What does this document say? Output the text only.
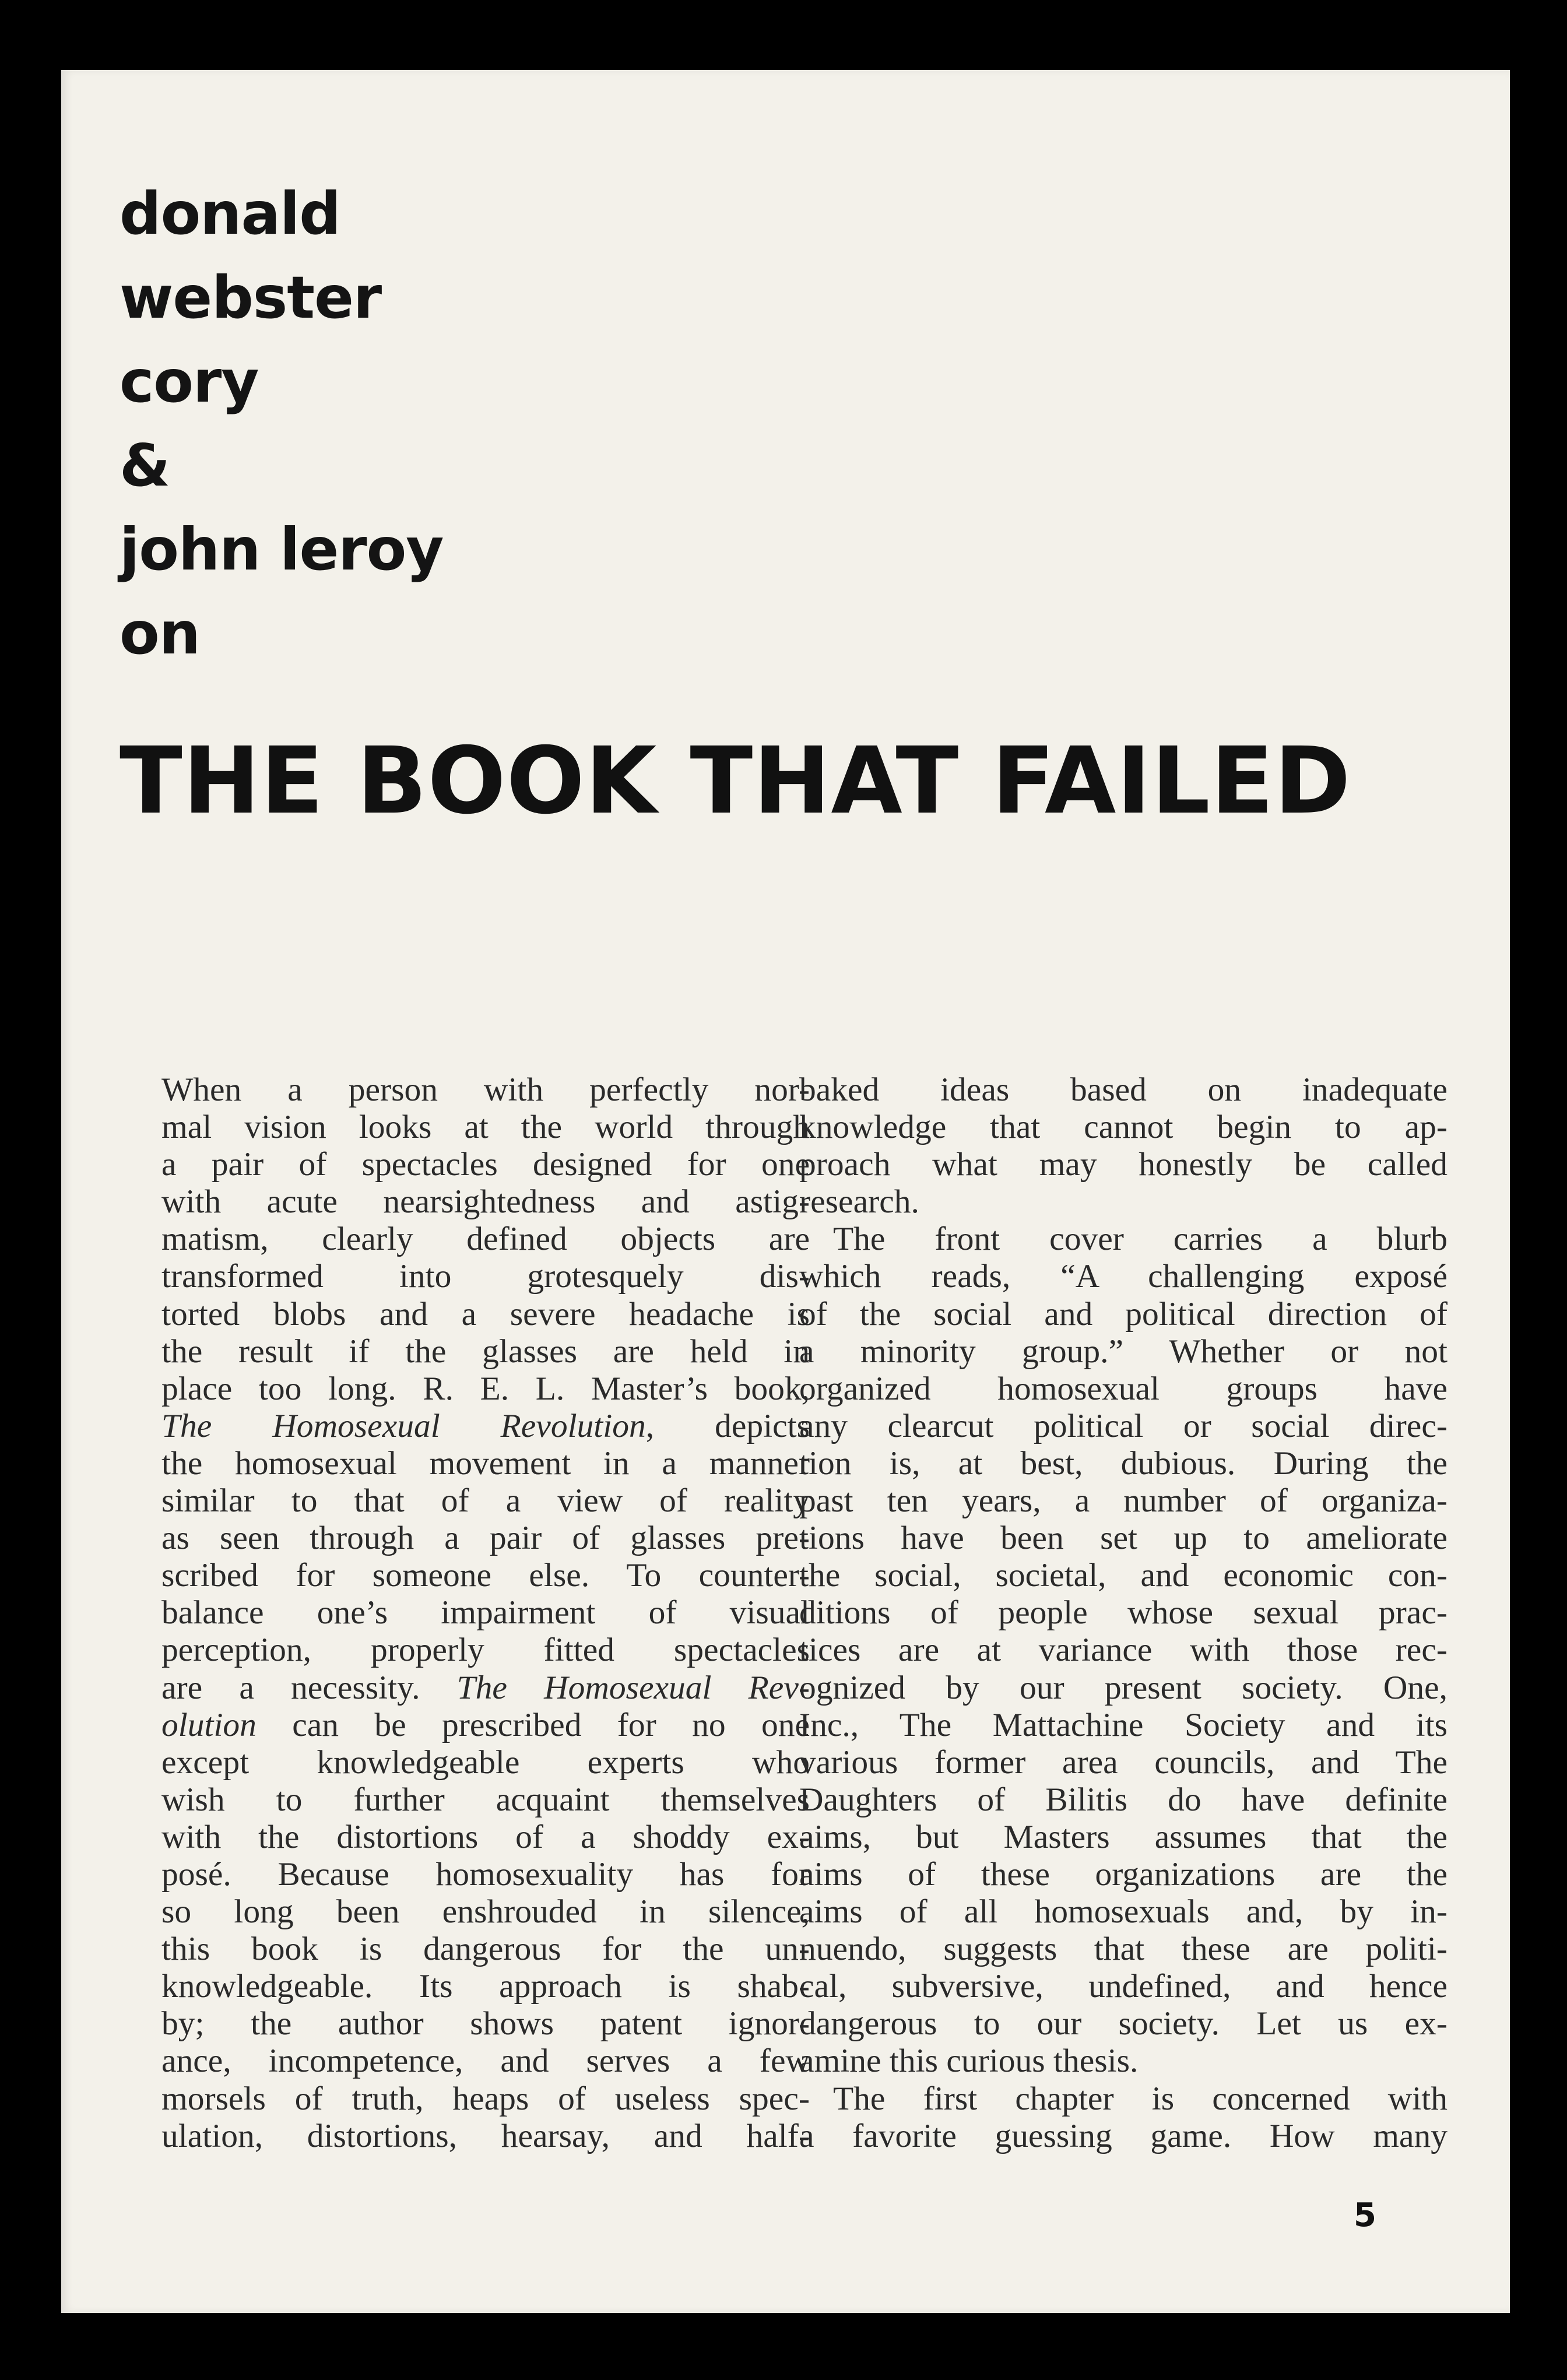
donald
webster
cory
&
john leroy
on
THE BOOK THAT FAILED
When a person with perfectly nor-
mal vision looks at the world through
a pair of spectacles designed for one
with acute nearsightedness and astig-
matism, clearly defined objects are
transformed into grotesquely dis-
torted blobs and a severe headache is
the result if the glasses are held in
place too long. R. E. L. Master’s book,
The Homosexual Revolution, depicts
the homosexual movement in a manner
similar to that of a view of reality
as seen through a pair of glasses pre-
scribed for someone else. To counter-
balance one’s impairment of visual
perception, properly fitted spectacles
are a necessity. The Homosexual Rev-
olution can be prescribed for no one
except knowledgeable experts who
wish to further acquaint themselves
with the distortions of a shoddy ex-
posé. Because homosexuality has for
so long been enshrouded in silence,
this book is dangerous for the un-
knowledgeable. Its approach is shab-
by; the author shows patent ignor-
ance, incompetence, and serves a few
morsels of truth, heaps of useless spec-
ulation, distortions, hearsay, and half-
baked ideas based on inadequate
knowledge that cannot begin to ap-
proach what may honestly be called
research.
The front cover carries a blurb
which reads, “A challenging exposé
of the social and political direction of
a minority group.” Whether or not
organized homosexual groups have
any clearcut political or social direc-
tion is, at best, dubious. During the
past ten years, a number of organiza-
tions have been set up to ameliorate
the social, societal, and economic con-
ditions of people whose sexual prac-
tices are at variance with those rec-
ognized by our present society. One,
Inc., The Mattachine Society and its
various former area councils, and The
Daughters of Bilitis do have definite
aims, but Masters assumes that the
aims of these organizations are the
aims of all homosexuals and, by in-
nuendo, suggests that these are politi-
cal, subversive, undefined, and hence
dangerous to our society. Let us ex-
amine this curious thesis.
The first chapter is concerned with
a favorite guessing game. How many
5
